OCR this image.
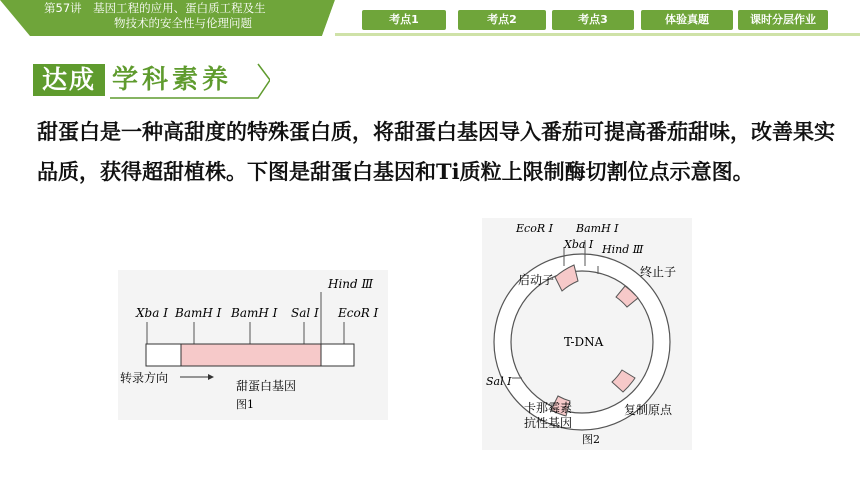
第57讲　基因工程的应用、蛋白质工程及生
物技术的安全性与伦理问题	考点1	考点2	考点3	体验真题	课时分层作业
达成 学科素养
甜蛋白是一种高甜度的特殊蛋白质，将甜蛋白基因导入番茄可提高番茄甜味，改善果实品质，获得超甜植株。下图是甜蛋白基因和Ti质粒上限制酶切割位点示意图。
Hind Ⅲ
Xba Ⅰ BamH Ⅰ BamH Ⅰ Sal Ⅰ EcoR Ⅰ
转录方向
甜蛋白基因
图1
EcoR Ⅰ BamH Ⅰ
Xba Ⅰ Hind Ⅲ
Sal Ⅰ
启动子
终止子
T-DNA
卡那霉素
抗性基因
复制原点
图2
